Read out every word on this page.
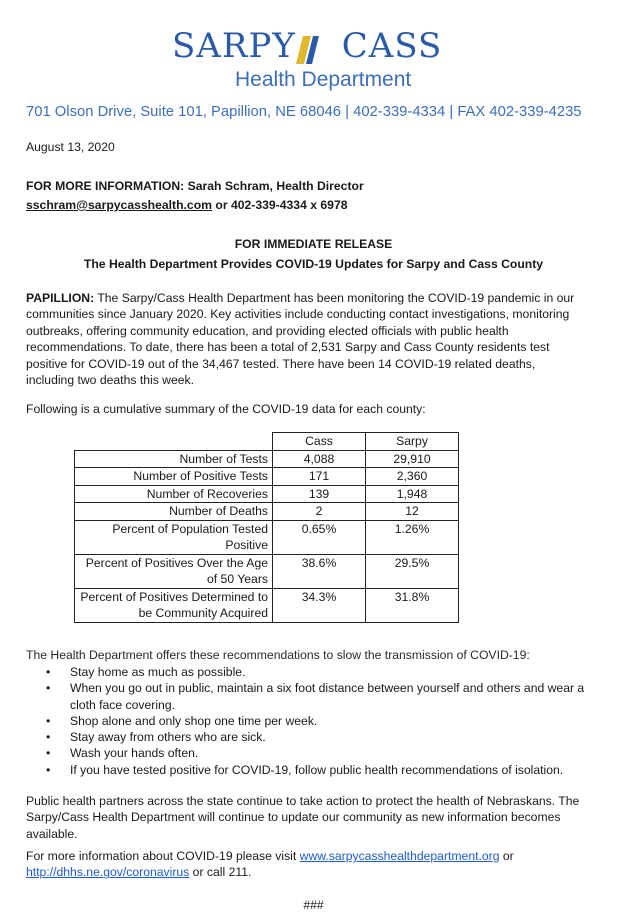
SARPY CASS
Health Department
701 Olson Drive, Suite 101, Papillion, NE 68046 | 402-339-4334 | FAX 402-339-4235
August 13, 2020
FOR MORE INFORMATION: Sarah Schram, Health Director
sschram@sarpycasshealth.com or 402-339-4334 x 6978
FOR IMMEDIATE RELEASE
The Health Department Provides COVID-19 Updates for Sarpy and Cass County
PAPILLION: The Sarpy/Cass Health Department has been monitoring the COVID-19 pandemic in our communities since January 2020. Key activities include conducting contact investigations, monitoring outbreaks, offering community education, and providing elected officials with public health recommendations. To date, there has been a total of 2,531 Sarpy and Cass County residents test positive for COVID-19 out of the 34,467 tested. There have been 14 COVID-19 related deaths, including two deaths this week.
Following is a cumulative summary of the COVID-19 data for each county:
	Cass	Sarpy
Number of Tests	4,088	29,910
Number of Positive Tests	171	2,360
Number of Recoveries	139	1,948
Number of Deaths	2	12
Percent of Population Tested Positive	0.65%	1.26%
Percent of Positives Over the Age of 50 Years	38.6%	29.5%
Percent of Positives Determined to be Community Acquired	34.3%	31.8%
The Health Department offers these recommendations to slow the transmission of COVID-19:
• Stay home as much as possible.
• When you go out in public, maintain a six foot distance between yourself and others and wear a cloth face covering.
• Shop alone and only shop one time per week.
• Stay away from others who are sick.
• Wash your hands often.
• If you have tested positive for COVID-19, follow public health recommendations of isolation.
Public health partners across the state continue to take action to protect the health of Nebraskans. The Sarpy/Cass Health Department will continue to update our community as new information becomes available.
For more information about COVID-19 please visit www.sarpycasshealthdepartment.org or http://dhhs.ne.gov/coronavirus or call 211.
###
